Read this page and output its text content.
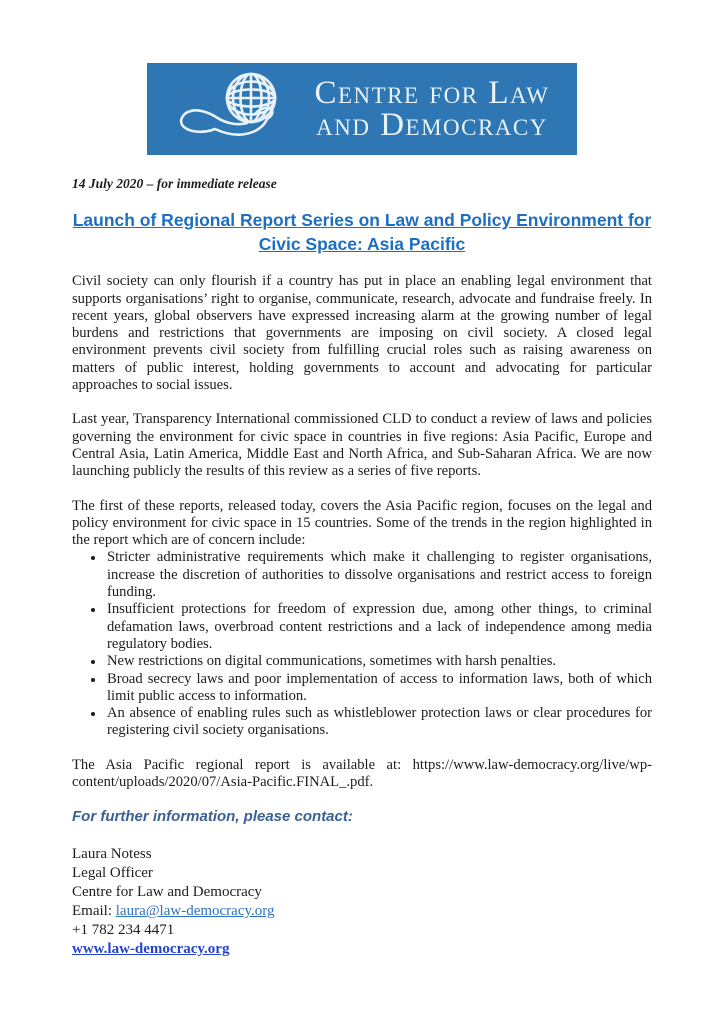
Centre for Law
and Democracy
14 July 2020 – for immediate release
Launch of Regional Report Series on Law and Policy Environment for
Civic Space: Asia Pacific

Civil society can only flourish if a country has put in place an enabling legal environment that supports organisations’ right to organise, communicate, research, advocate and fundraise freely. In recent years, global observers have expressed increasing alarm at the growing number of legal burdens and restrictions that governments are imposing on civil society. A closed legal environment prevents civil society from fulfilling crucial roles such as raising awareness on matters of public interest, holding governments to account and advocating for particular approaches to social issues.

Last year, Transparency International commissioned CLD to conduct a review of laws and policies governing the environment for civic space in countries in five regions: Asia Pacific, Europe and Central Asia, Latin America, Middle East and North Africa, and Sub-Saharan Africa. We are now launching publicly the results of this review as a series of five reports.

The first of these reports, released today, covers the Asia Pacific region, focuses on the legal and policy environment for civic space in 15 countries. Some of the trends in the region highlighted in the report which are of concern include:

• Stricter administrative requirements which make it challenging to register organisations, increase the discretion of authorities to dissolve organisations and restrict access to foreign funding.
• Insufficient protections for freedom of expression due, among other things, to criminal defamation laws, overbroad content restrictions and a lack of independence among media regulatory bodies.
• New restrictions on digital communications, sometimes with harsh penalties.
• Broad secrecy laws and poor implementation of access to information laws, both of which limit public access to information.
• An absence of enabling rules such as whistleblower protection laws or clear procedures for registering civil society organisations.

The Asia Pacific regional report is available at: https://www.law-democracy.org/live/wp-content/uploads/2020/07/Asia-Pacific.FINAL_.pdf.

For further information, please contact:

Laura Notess

Legal Officer

Centre for Law and Democracy

Email: laura@law-democracy.org

+1 782 234 4471

www.law-democracy.org
